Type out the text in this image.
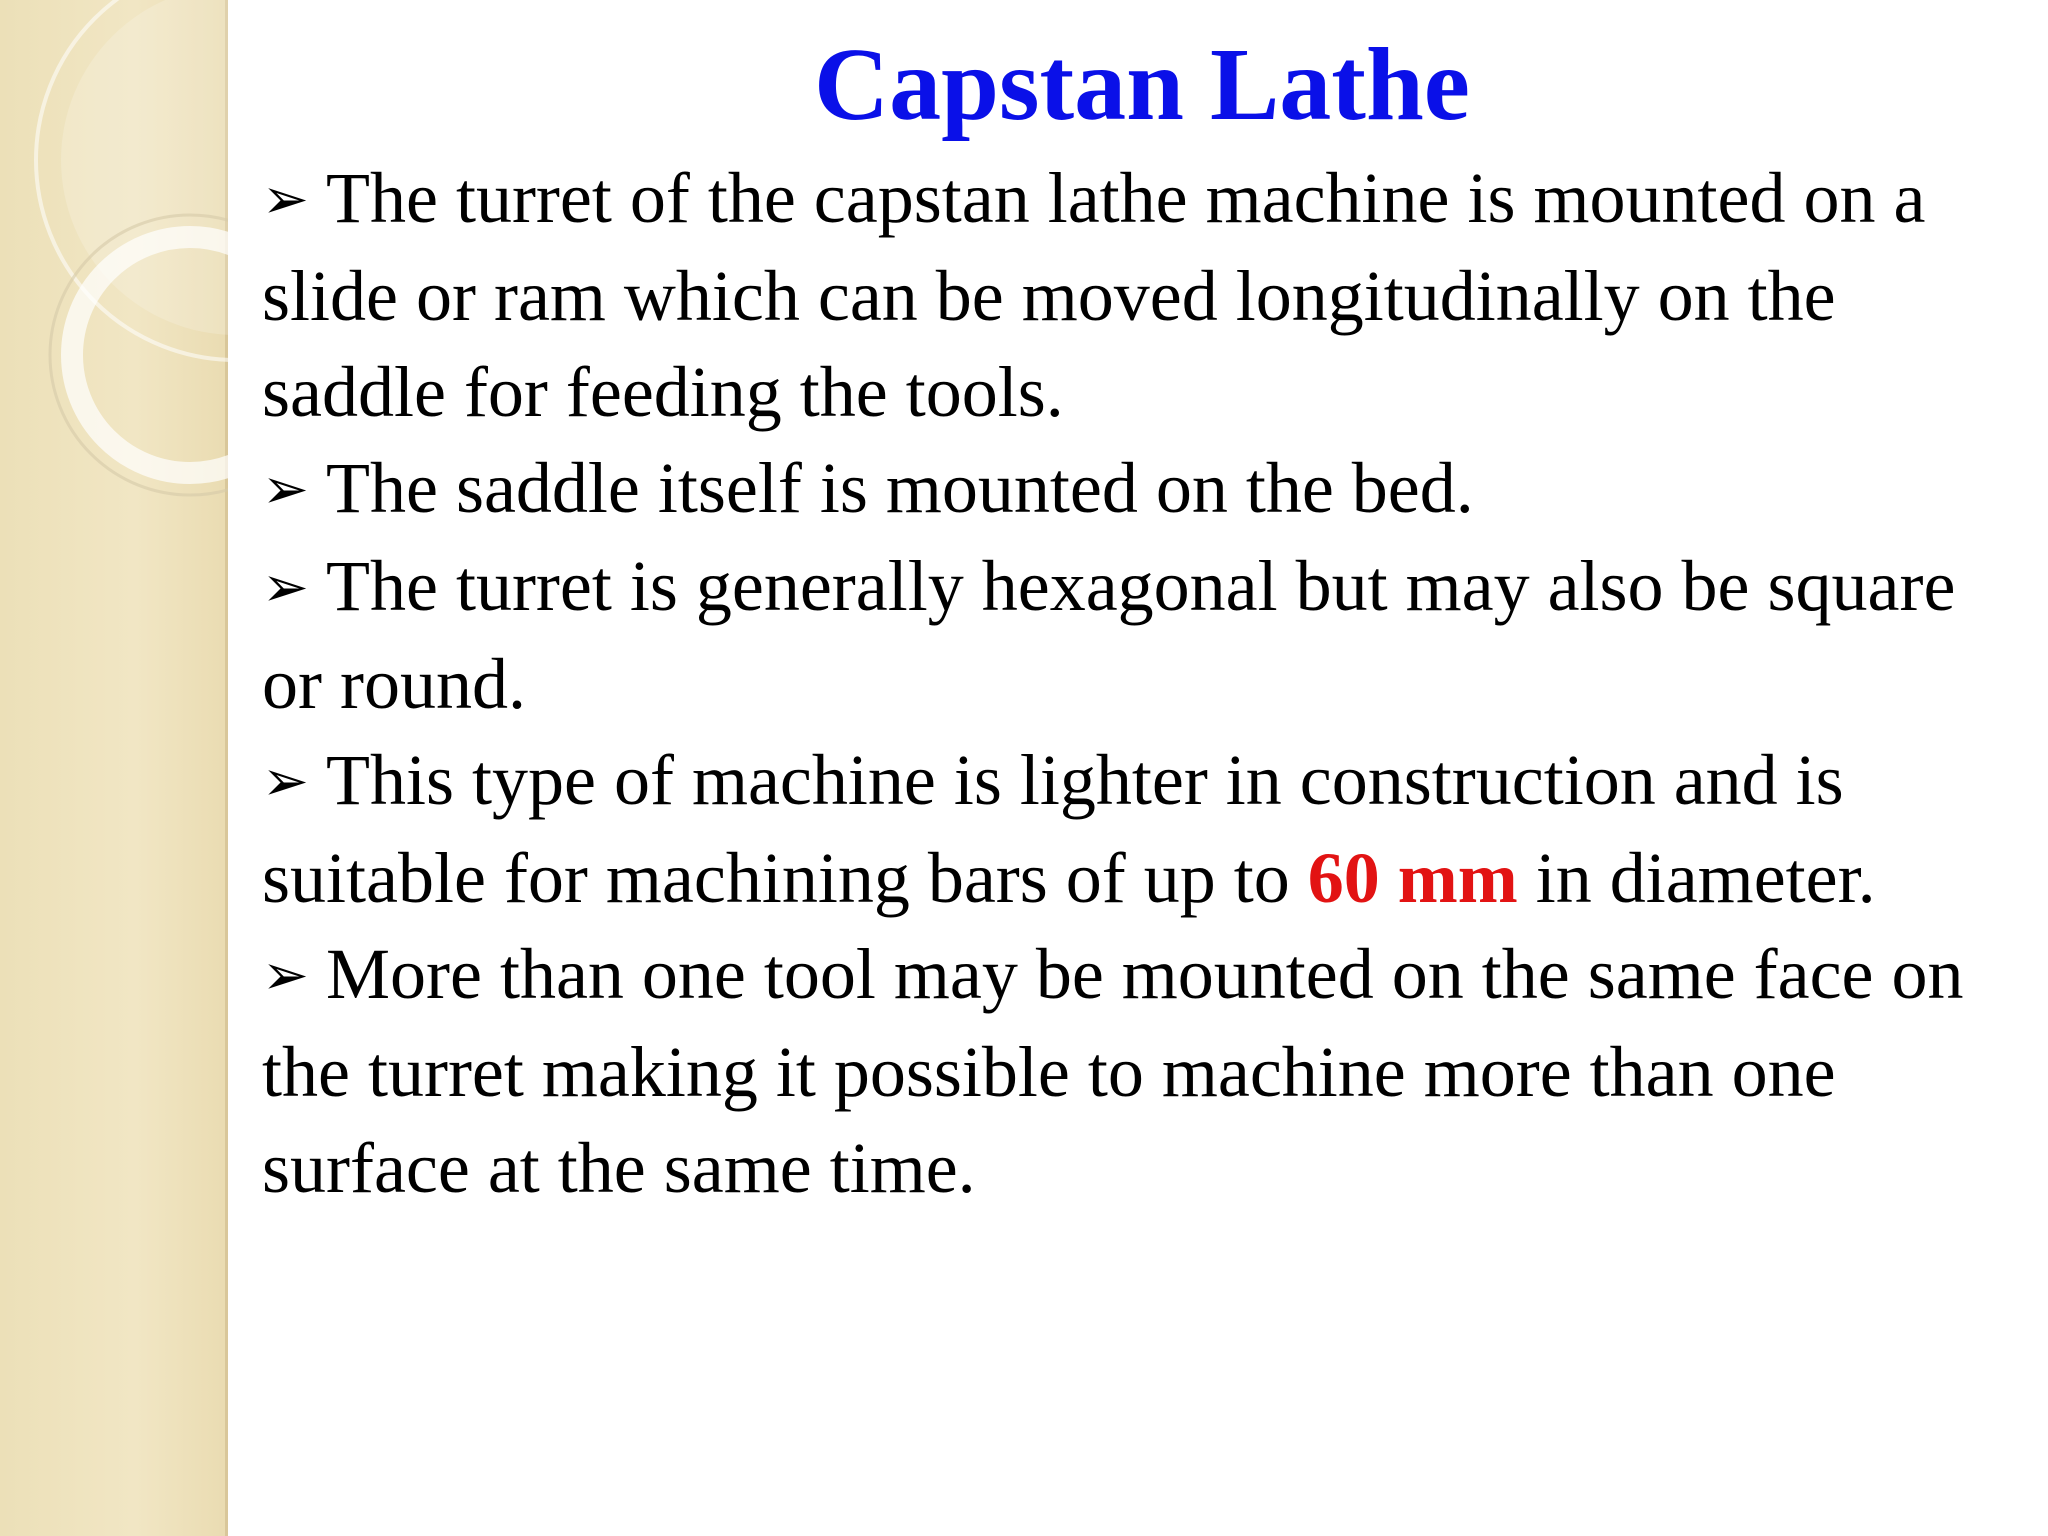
Capstan Lathe
➢ The turret of the capstan lathe machine is mounted on a slide or ram which can be moved longitudinally on the saddle for feeding the tools.
➢ The saddle itself is mounted on the bed.
➢ The turret is generally hexagonal but may also be square or round.
➢ This type of machine is lighter in construction and is suitable for machining bars of up to 60 mm in diameter.
➢ More than one tool may be mounted on the same face on the turret making it possible to machine more than one surface at the same time.
